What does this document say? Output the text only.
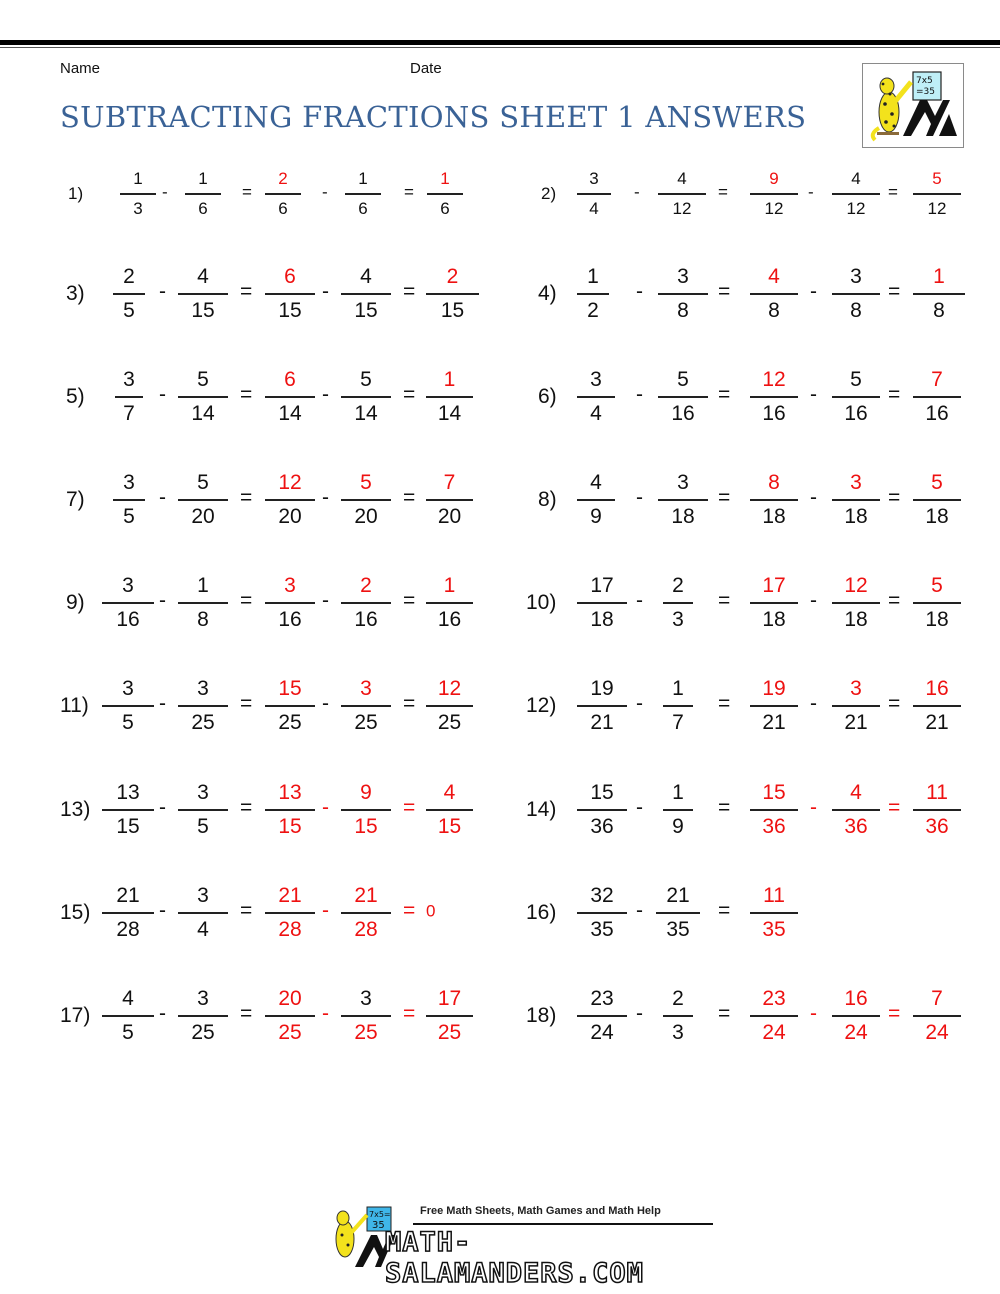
Name	Date
SUBTRACTING FRACTIONS SHEET 1 ANSWERS
7x5
=35
1)
1
3
-
1
6
=
2
6
-
1
6
=
1
6
2)
3
4
-
4
12
=
9
12
-
4
12
=
5
12
3)
2
5
-
4
15
=
6
15
-
4
15
=
2
15
4)
1
2
-
3
8
=
4
8
-
3
8
=
1
8
5)
3
7
-
5
14
=
6
14
-
5
14
=
1
14
6)
3
4
-
5
16
=
12
16
-
5
16
=
7
16
7)
3
5
-
5
20
=
12
20
-
5
20
=
7
20
8)
4
9
-
3
18
=
8
18
-
3
18
=
5
18
9)
3
16
-
1
8
=
3
16
-
2
16
=
1
16
10)
17
18
-
2
3
=
17
18
-
12
18
=
5
18
11)
3
5
-
3
25
=
15
25
-
3
25
=
12
25
12)
19
21
-
1
7
=
19
21
-
3
21
=
16
21
13)
13
15
-
3
5
=
13
15
-
9
15
=
4
15
14)
15
36
-
1
9
=
15
36
-
4
36
=
11
36
15)
21
28
-
3
4
=
21
28
-
21
28
= 0	16)
32
35
-
21
35
=
11
35
17)
4
5
-
3
25
=
20
25
-
3
25
=
17
25
18)
23
24
-
2
3
=
23
24
-
16
24
=
7
24
7x5=
35
Free Math Sheets, Math Games and Math Help
MATH-SALAMANDERS.COM
